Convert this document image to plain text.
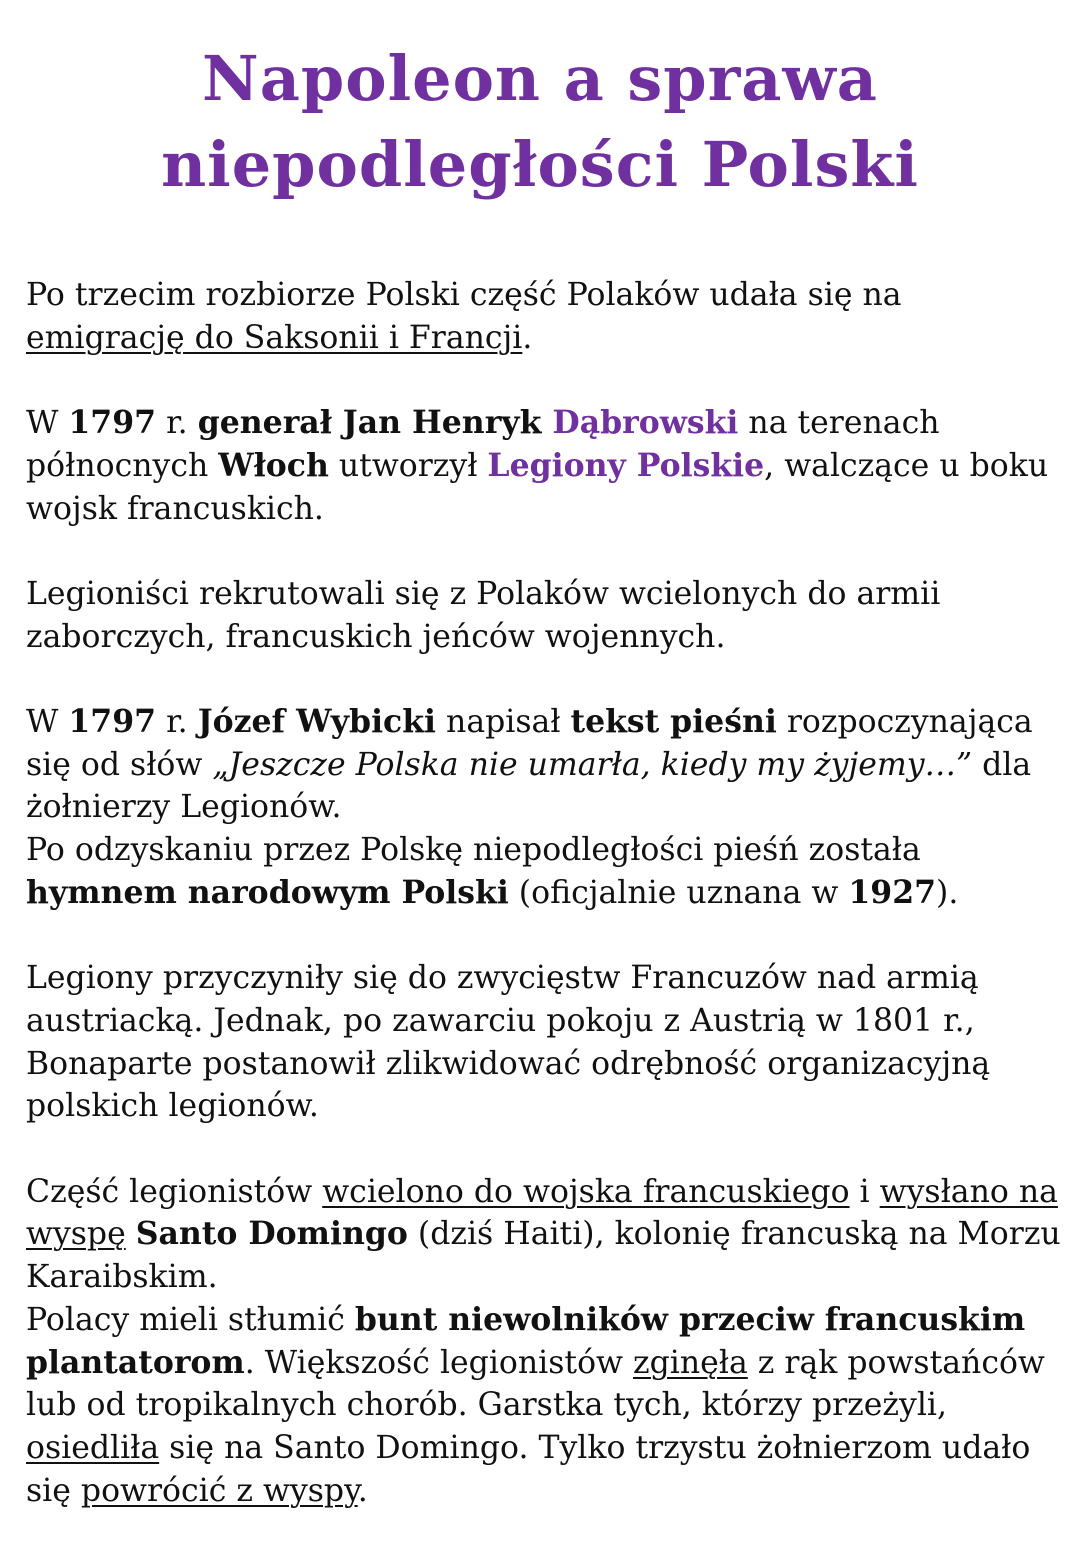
Napoleon a sprawa
niepodległości Polski

Po trzecim rozbiorze Polski część Polaków udała się na emigrację do Saksonii i Francji.

W 1797 r. generał Jan Henryk Dąbrowski na terenach północnych Włoch utworzył Legiony Polskie, walczące u boku wojsk francuskich.

Legioniści rekrutowali się z Polaków wcielonych do armii zaborczych, francuskich jeńców wojennych.

W 1797 r. Józef Wybicki napisał tekst pieśni rozpoczynająca się od słów „Jeszcze Polska nie umarła, kiedy my żyjemy…” dla żołnierzy Legionów.

Po odzyskaniu przez Polskę niepodległości pieśń została hymnem narodowym Polski (oficjalnie uznana w 1927).

Legiony przyczyniły się do zwycięstw Francuzów nad armią austriacką. Jednak, po zawarciu pokoju z Austrią w 1801 r., Bonaparte postanowił zlikwidować odrębność organizacyjną polskich legionów.

Część legionistów wcielono do wojska francuskiego i wysłano na wyspę Santo Domingo (dziś Haiti), kolonię francuską na Morzu Karaibskim.

Polacy mieli stłumić bunt niewolników przeciw francuskim plantatorom. Większość legionistów zginęła z rąk powstańców lub od tropikalnych chorób. Garstka tych, którzy przeżyli, osiedliła się na Santo Domingo. Tylko trzystu żołnierzom udało się powrócić z wyspy.
